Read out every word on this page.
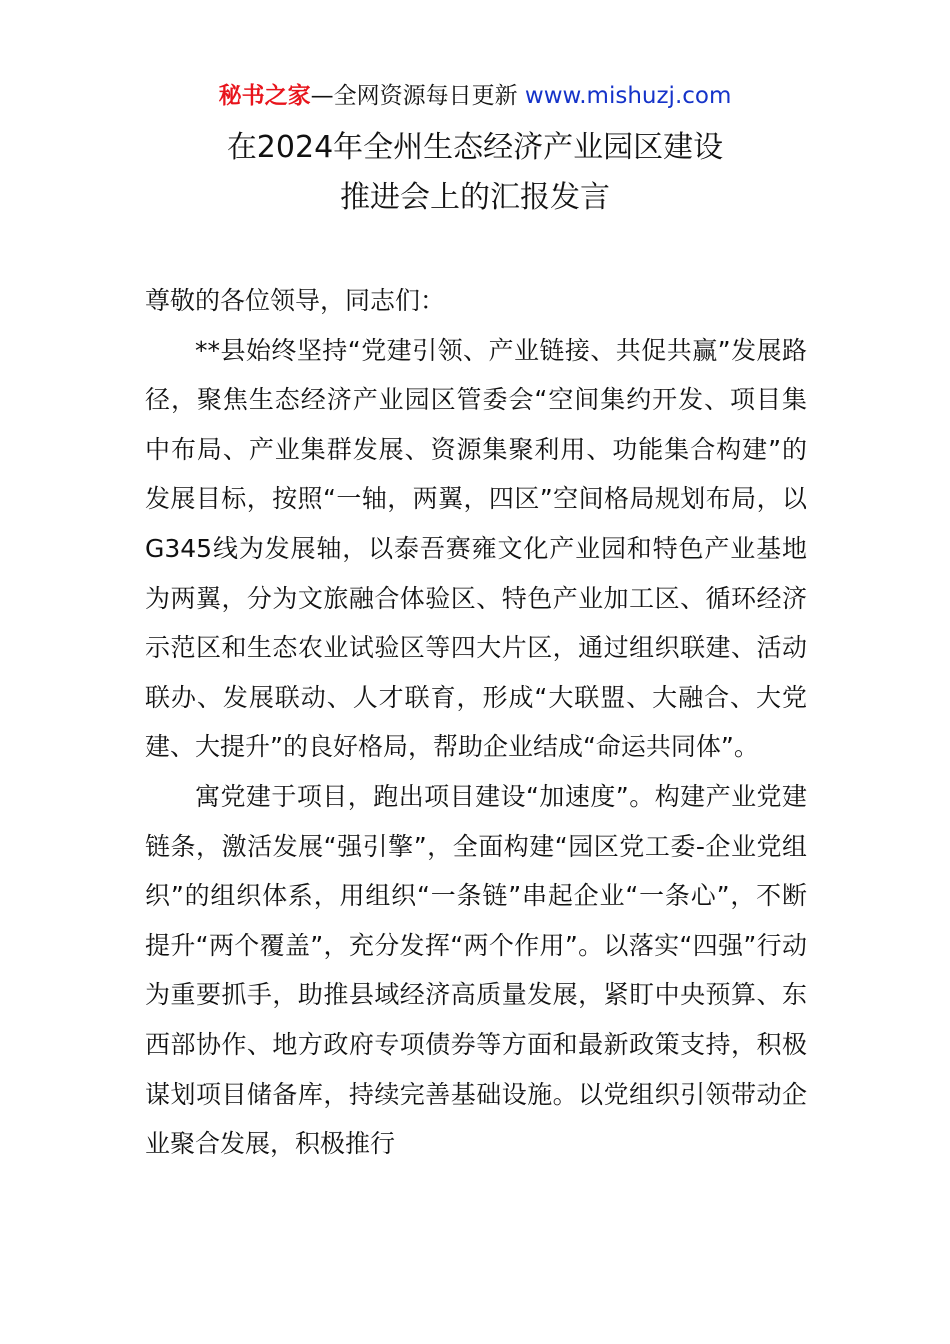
秘书之家—全网资源每日更新 www.mishuzj.com
在2024年全州生态经济产业园区建设
推进会上的汇报发言

尊敬的各位领导，同志们：

**县始终坚持“党建引领、产业链接、共促共赢”发展路径，聚焦生态经济产业园区管委会“空间集约开发、项目集中布局、产业集群发展、资源集聚利用、功能集合构建”的发展目标，按照“一轴，两翼，四区”空间格局规划布局，以G345线为发展轴，以泰吾赛雍文化产业园和特色产业基地为两翼，分为文旅融合体验区、特色产业加工区、循环经济示范区和生态农业试验区等四大片区，通过组织联建、活动联办、发展联动、人才联育，形成“大联盟、大融合、大党建、大提升”的良好格局，帮助企业结成“命运共同体”。

寓党建于项目，跑出项目建设“加速度”。构建产业党建链条，激活发展“强引擎”，全面构建“园区党工委-企业党组织”的组织体系，用组织“一条链”串起企业“一条心”，不断提升“两个覆盖”，充分发挥“两个作用”。以落实“四强”行动为重要抓手，助推县域经济高质量发展，紧盯中央预算、东西部协作、地方政府专项债券等方面和最新政策支持，积极谋划项目储备库，持续完善基础设施。以党组织引领带动企业聚合发展，积极推行
